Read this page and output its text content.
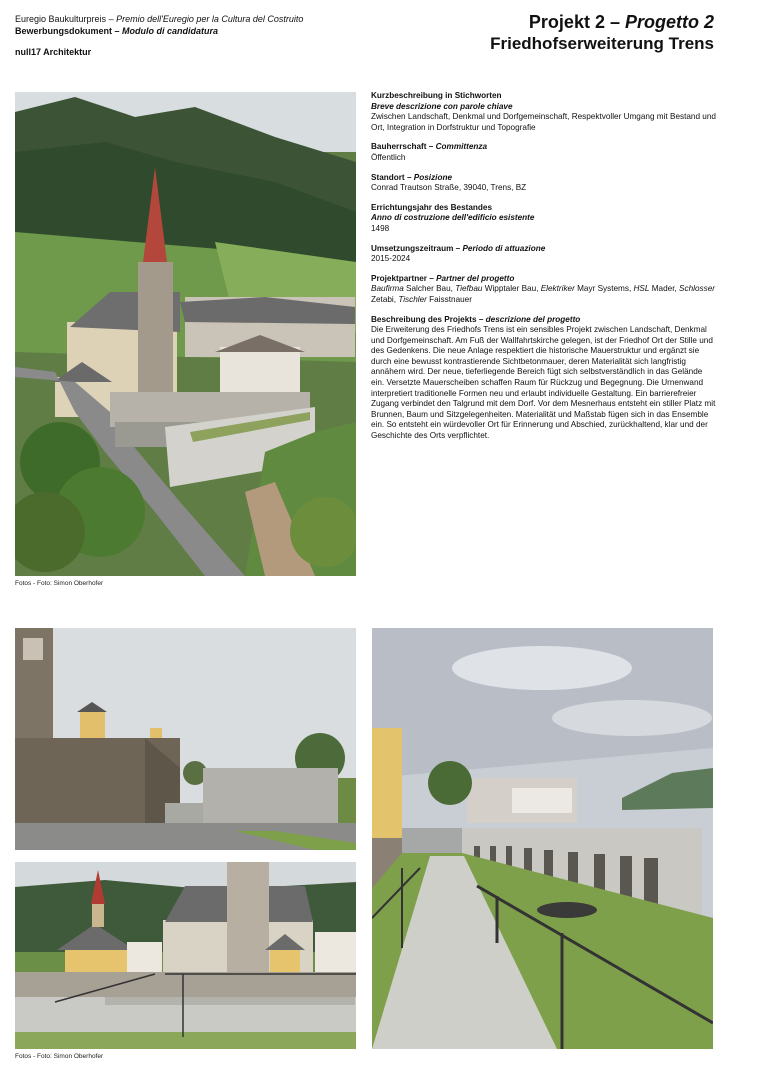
Euregio Baukulturpreis – Premio dell'Euregio per la Cultura del Costruito
Bewerbungsdokument – Modulo di candidatura
null17 Architektur
Projekt 2 – Progetto 2
Friedhofserweiterung Trens
Fotos - Foto: Simon Oberhofer
Kurzbeschreibung in Stichworten
Breve descrizione con parole chiave

Zwischen Landschaft, Denkmal und Dorfgemeinschaft, Respektvoller Umgang mit Bestand und Ort, Integration in Dorfstruktur und Topografie

Bauherrschaft – Committenza

Öffentlich

Standort – Posizione

Conrad Trautson Straße, 39040, Trens, BZ

Errichtungsjahr des Bestandes
Anno di costruzione dell'edificio esistente

1498

Umsetzungszeitraum – Periodo di attuazione

2015-2024

Projektpartner – Partner del progetto

Baufirma Salcher Bau, Tiefbau Wipptaler Bau, Elektriker Mayr Systems, HSL Mader, Schlosser Zetabi, Tischler Faisstnauer

Beschreibung des Projekts – descrizione del progetto

Die Erweiterung des Friedhofs Trens ist ein sensibles Projekt zwischen Landschaft, Denkmal und Dorfgemeinschaft. Am Fuß der Wallfahrtskirche gelegen, ist der Friedhof Ort der Stille und des Gedenkens. Die neue Anlage respektiert die historische Mauerstruktur und ergänzt sie durch eine bewusst kontrastierende Sichtbetonmauer, deren Materialität sich langfristig annähern wird. Der neue, tieferliegende Bereich fügt sich selbstverständlich in das Gelände ein. Versetzte Mauerscheiben schaffen Raum für Rückzug und Begegnung. Die Urnenwand interpretiert traditionelle Formen neu und erlaubt individuelle Gestaltung. Ein barrierefreier Zugang verbindet den Talgrund mit dem Dorf. Vor dem Mesnerhaus entsteht ein stiller Platz mit Brunnen, Baum und Sitzgelegenheiten. Materialität und Maßstab fügen sich in das Ensemble ein. So entsteht ein würdevoller Ort für Erinnerung und Abschied, zurückhaltend, klar und der Geschichte des Orts verpflichtet.

Fotos - Foto: Simon Oberhofer
